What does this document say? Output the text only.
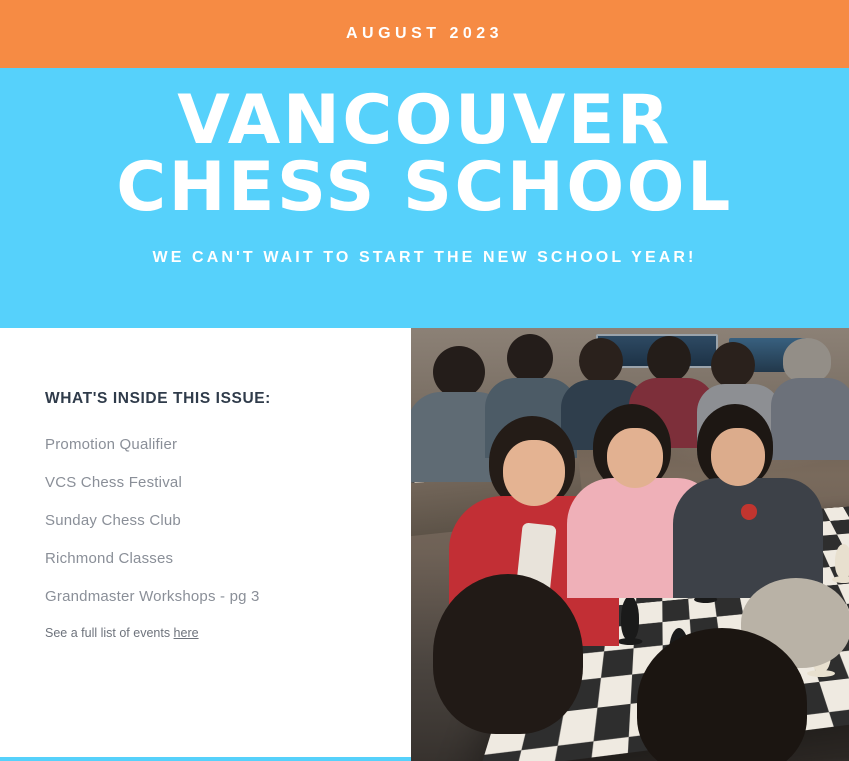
AUGUST 2023
VANCOUVER CHESS SCHOOL
WE CAN'T WAIT TO START THE NEW SCHOOL YEAR!
WHAT'S INSIDE THIS ISSUE:
Promotion Qualifier
VCS Chess Festival
Sunday Chess Club
Richmond Classes
Grandmaster Workshops - pg 3
See a full list of events here
